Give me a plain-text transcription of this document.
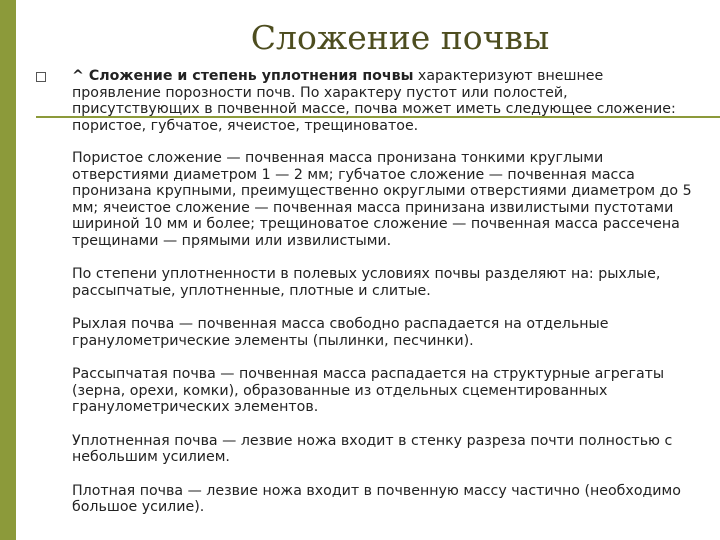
Сложение почвы

^ Сложение и степень уплотнения почвы характеризуют внешнее проявление порозности почв. По характеру пустот или полостей, присутствующих в почвенной массе, почва может иметь следующее сложение: пористое, губчатое, ячеистое, трещиноватое.

Пористое сложение — почвенная масса пронизана тонкими круглыми отверстиями диаметром 1 — 2 мм; губчатое сложение — почвенная масса пронизана крупными, преимущественно округлыми отверстиями диаметром до 5 мм; ячеистое сложение — почвенная масса принизана извилистыми пустотами шириной 10 мм и более; трещиноватое сложение — почвенная масса рассечена трещинами — прямыми или извилистыми.

По степени уплотненности в полевых условиях почвы разделяют на: рыхлые, рассыпчатые, уплотненные, плотные и слитые.

Рыхлая почва — почвенная масса свободно распадается на отдельные гранулометрические элементы (пылинки, песчинки).

Рассыпчатая почва — почвенная масса распадается на структурные агрегаты (зерна, орехи, комки), образованные из отдельных сцементированных гранулометрических элементов.

Уплотненная почва — лезвие ножа входит в стенку разреза почти полностью с небольшим усилием.

Плотная почва — лезвие ножа входит в почвенную массу частично (необходимо большое усилие).
